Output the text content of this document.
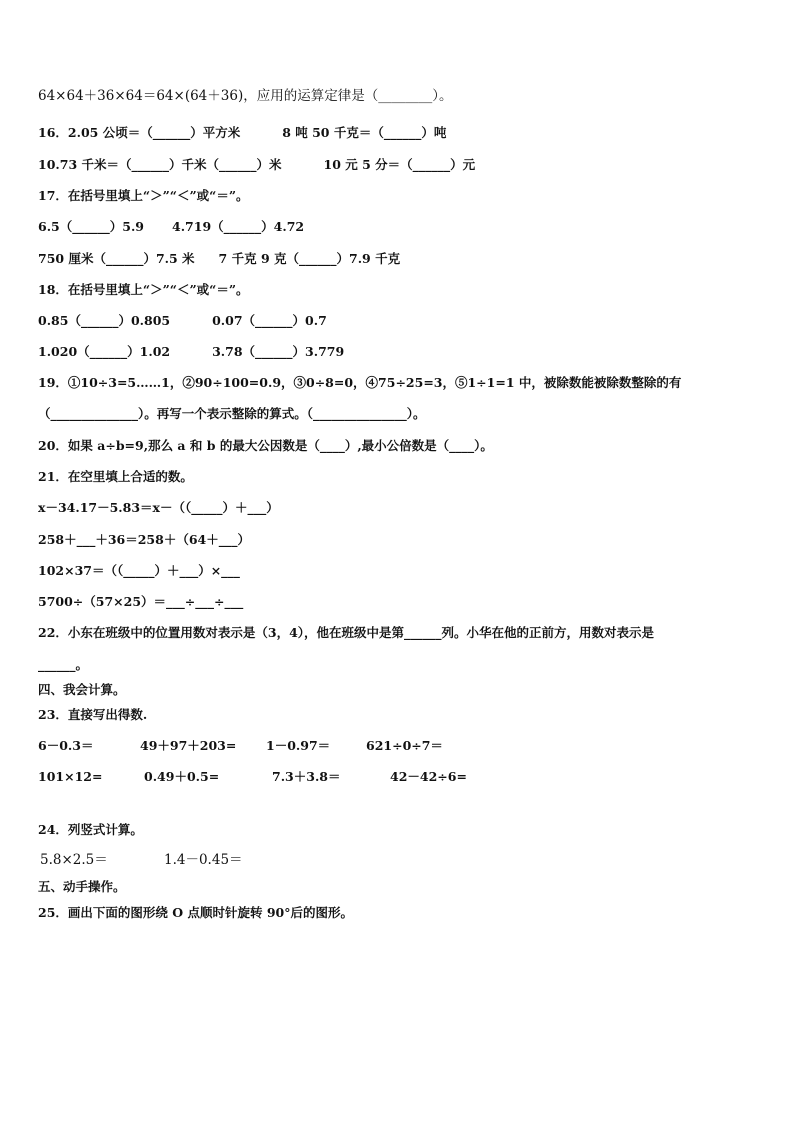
64×64＋36×64＝64×(64＋36)，应用的运算定律是（________）。
16．2.05 公顷＝（______）平方米	8 吨 50 千克＝（______）吨
10.73 千米＝（______）千米（______）米	10 元 5 分＝（______）元
17．在括号里填上“＞”“＜”或“＝”。
6.5（______）5.9 4.719（______）4.72
750 厘米（______）7.5 米 7 千克 9 克（______）7.9 千克
18．在括号里填上“＞”“＜”或“＝”。
0.85（______）0.805	0.07（______）0.7
1.020（______）1.02	3.78（______）3.779
19．①10÷3=5……1，②90÷100=0.9，③0÷8=0，④75÷25=3，⑤1÷1=1 中，被除数能被除数整除的有
（______________）。再写一个表示整除的算式。（_______________）。
20．如果 a÷b=9,那么 a 和 b 的最大公因数是（____）,最小公倍数是（____）。
21．在空里填上合适的数。
x－34.17－5.83＝x－（（_____）＋___）
258＋___＋36＝258＋（64＋___）
102×37＝（（_____）＋___）×___
5700÷（57×25）＝___÷___÷___
22．小东在班级中的位置用数对表示是（3，4），他在班级中是第______列。小华在他的正前方，用数对表示是
______。
四、我会计算。
23．直接写出得数.
6－0.3＝	49＋97＋203= 1－0.97＝	621÷0÷7＝
101×12=	0.49＋0.5=	7.3＋3.8＝	42－42÷6=
24．列竖式计算。
5.8×2.5＝	1.4－0.45＝
五、动手操作。
25．画出下面的图形绕 O 点顺时针旋转 90°后的图形。
